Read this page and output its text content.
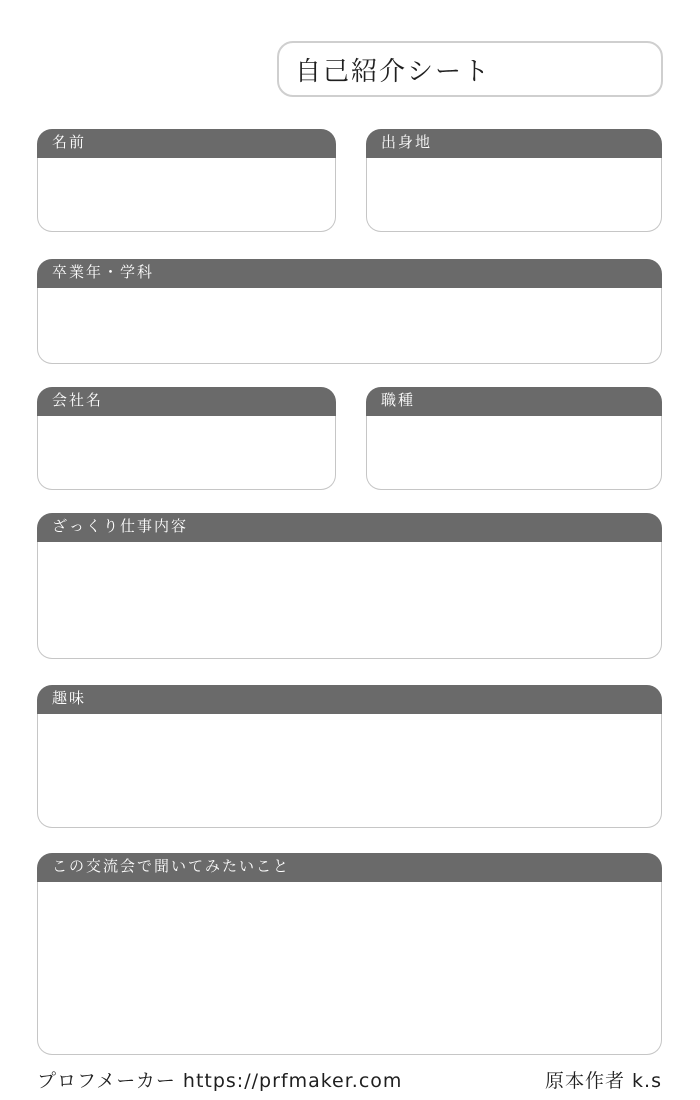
自己紹介シート
名前	出身地
卒業年・学科
会社名	職種
ざっくり仕事内容
趣味
この交流会で聞いてみたいこと
プロフメーカー https://prfmaker.com	原本作者 k.s
